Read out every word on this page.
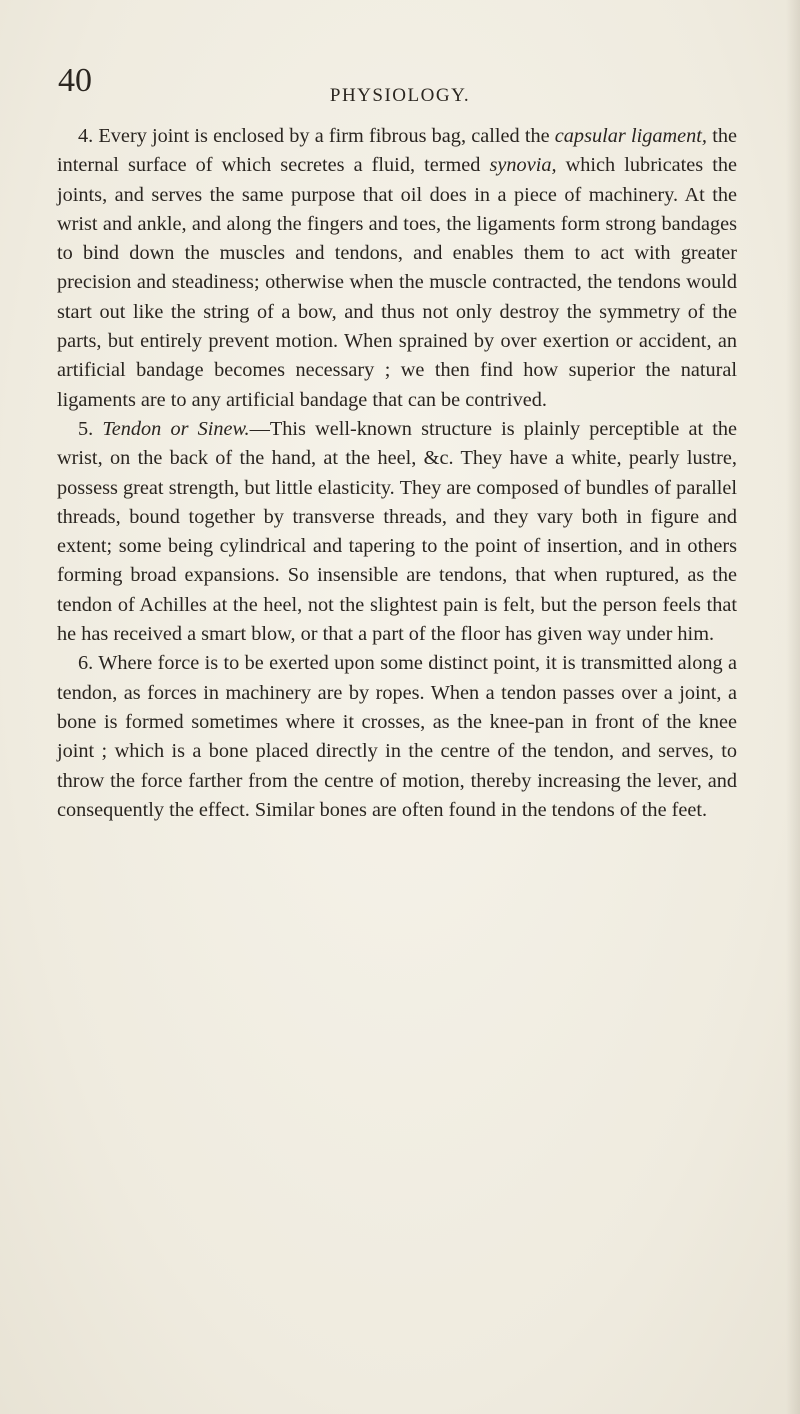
40	PHYSIOLOGY.

4. Every joint is enclosed by a firm fibrous bag, called the capsular ligament, the internal surface of which secretes a fluid, termed synovia, which lubricates the joints, and serves the same purpose that oil does in a piece of machinery. At the wrist and ankle, and along the fingers and toes, the ligaments form strong bandages to bind down the muscles and tendons, and enables them to act with greater precision and steadiness; otherwise when the muscle contracted, the tendons would start out like the string of a bow, and thus not only destroy the symmetry of the parts, but entirely prevent motion. When sprained by over exertion or accident, an artificial bandage becomes necessary ; we then find how superior the natural ligaments are to any artificial bandage that can be contrived.

5. Tendon or Sinew.—This well-known structure is plainly perceptible at the wrist, on the back of the hand, at the heel, &c. They have a white, pearly lustre, possess great strength, but little elasticity. They are composed of bundles of parallel threads, bound together by transverse threads, and they vary both in figure and extent; some being cylindrical and tapering to the point of insertion, and in others forming broad expansions. So insensible are tendons, that when ruptured, as the tendon of Achilles at the heel, not the slightest pain is felt, but the person feels that he has received a smart blow, or that a part of the floor has given way under him.

6. Where force is to be exerted upon some distinct point, it is transmitted along a tendon, as forces in machinery are by ropes. When a tendon passes over a joint, a bone is formed sometimes where it crosses, as the knee-pan in front of the knee joint ; which is a bone placed directly in the centre of the tendon, and serves, to throw the force farther from the centre of motion, thereby increasing the lever, and consequently the effect. Similar bones are often found in the tendons of the feet.
